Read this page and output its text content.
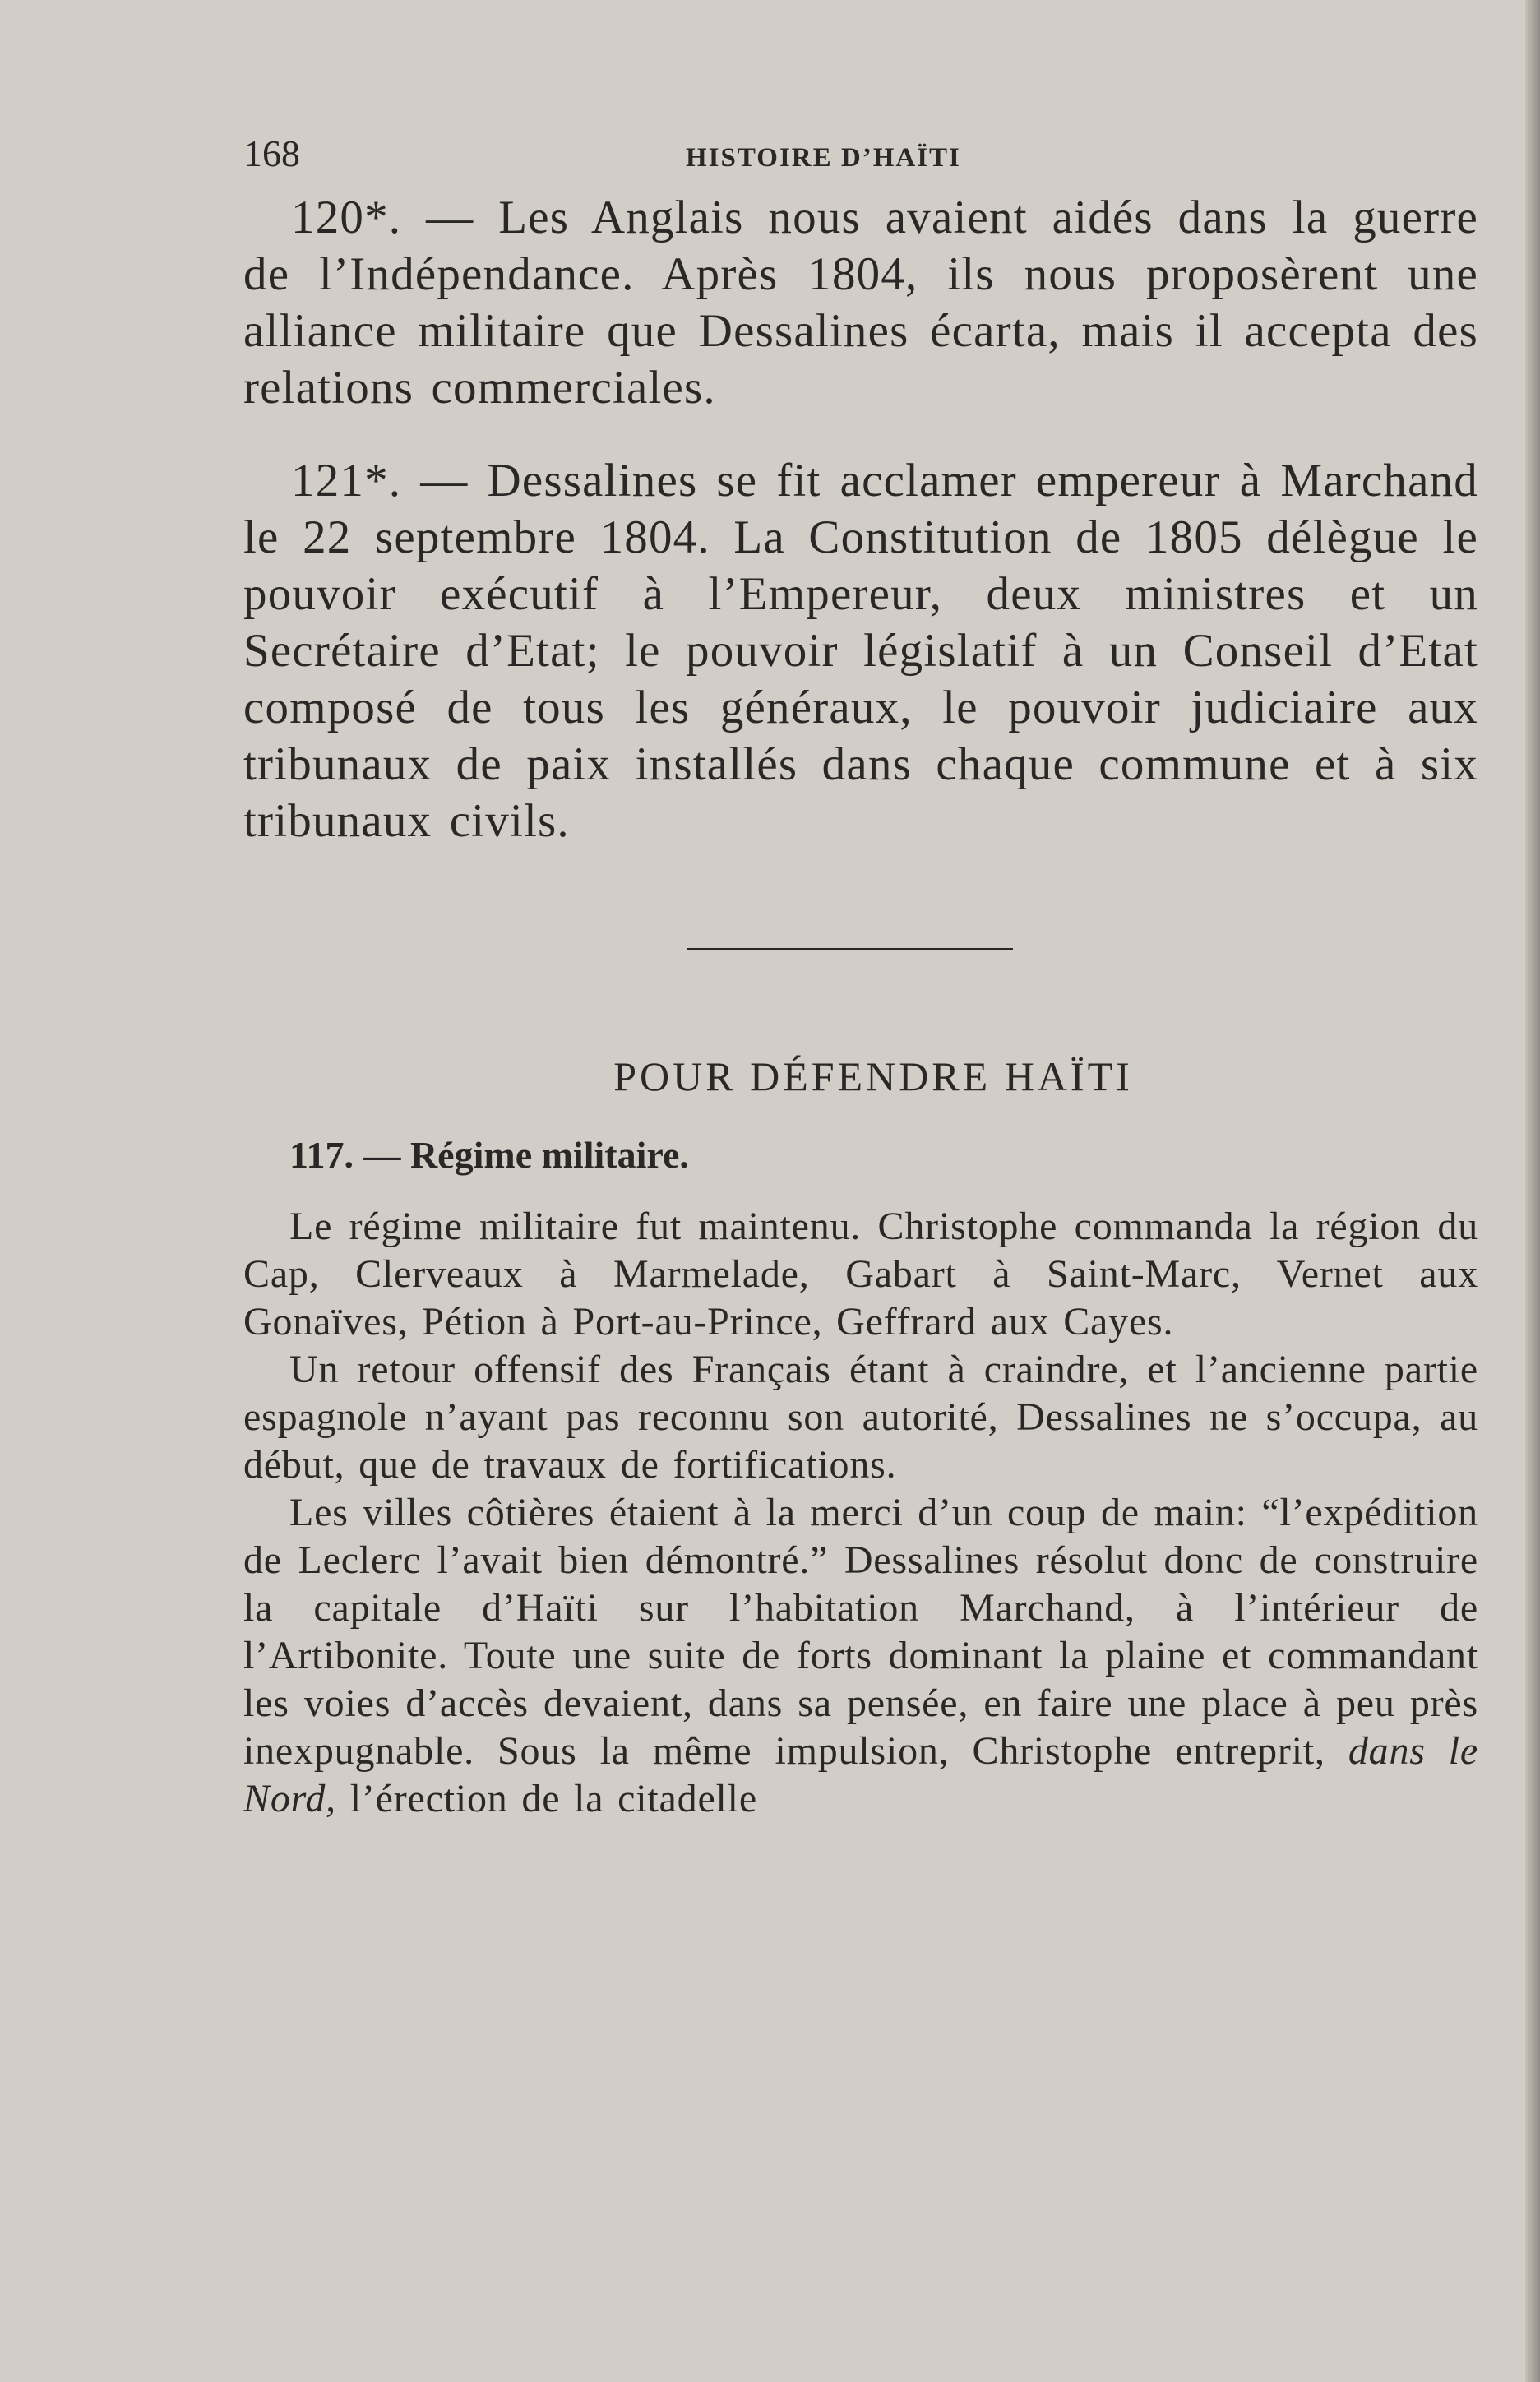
168	HISTOIRE D’HAÏTI

120*. — Les Anglais nous avaient aidés dans la guerre de l’Indépendance. Après 1804, ils nous proposèrent une alliance militaire que Dessalines écarta, mais il accepta des relations commerciales.

121*. — Dessalines se fit acclamer empereur à Marchand le 22 septembre 1804. La Constitution de 1805 délègue le pouvoir exécutif à l’Empereur, deux ministres et un Secrétaire d’Etat; le pouvoir législatif à un Conseil d’Etat composé de tous les généraux, le pouvoir judiciaire aux tribunaux de paix installés dans chaque commune et à six tribunaux civils.

POUR DÉFENDRE HAÏTI
117. — Régime militaire.

Le régime militaire fut maintenu. Christophe commanda la région du Cap, Clerveaux à Marmelade, Gabart à Saint-Marc, Vernet aux Gonaïves, Pétion à Port-au-Prince, Geffrard aux Cayes.

Un retour offensif des Français étant à craindre, et l’ancienne partie espagnole n’ayant pas reconnu son autorité, Dessalines ne s’occupa, au début, que de travaux de fortifications.

Les villes côtières étaient à la merci d’un coup de main: “l’expédition de Leclerc l’avait bien démontré.” Dessalines résolut donc de construire la capitale d’Haïti sur l’habitation Marchand, à l’intérieur de l’Artibonite. Toute une suite de forts dominant la plaine et commandant les voies d’accès devaient, dans sa pensée, en faire une place à peu près inexpugnable. Sous la même impulsion, Christophe entreprit, dans le Nord, l’érection de la citadelle
